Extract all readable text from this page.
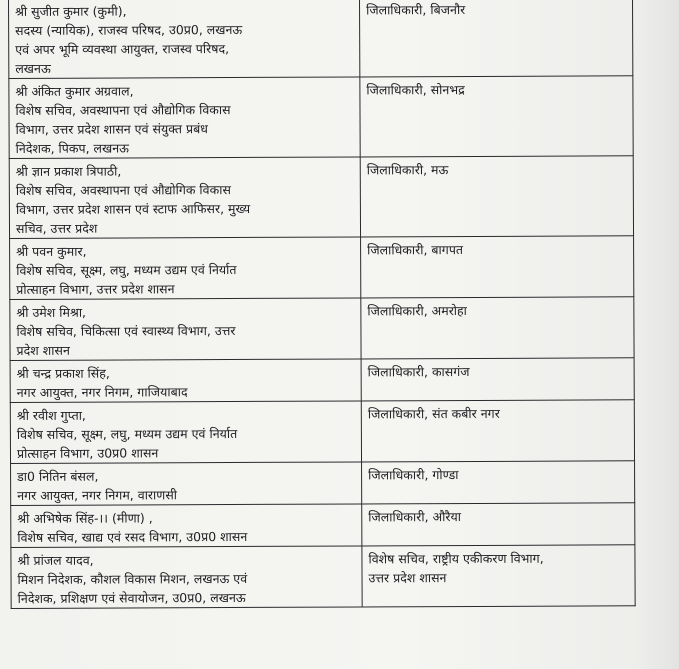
श्री सुजीत कुमार (कुमी),
सदस्य (न्यायिक), राजस्व परिषद, उ0प्र0, लखनऊ
एवं अपर भूमि व्यवस्था आयुक्त, राजस्व परिषद,
लखनऊ	जिलाधिकारी, बिजनौर

श्री अंकित कुमार अग्रवाल,
विशेष सचिव, अवस्थापना एवं औद्योगिक विकास
विभाग, उत्तर प्रदेश शासन एवं संयुक्त प्रबंध
निदेशक, पिकप, लखनऊ	जिलाधिकारी, सोनभद्र

श्री ज्ञान प्रकाश त्रिपाठी,
विशेष सचिव, अवस्थापना एवं औद्योगिक विकास
विभाग, उत्तर प्रदेश शासन एवं स्टाफ आफिसर, मुख्य
सचिव, उत्तर प्रदेश	जिलाधिकारी, मऊ

श्री पवन कुमार,
विशेष सचिव, सूक्ष्म, लघु, मध्यम उद्यम एवं निर्यात
प्रोत्साहन विभाग, उत्तर प्रदेश शासन	जिलाधिकारी, बागपत

श्री उमेश मिश्रा,
विशेष सचिव, चिकित्सा एवं स्वास्थ्य विभाग, उत्तर
प्रदेश शासन	जिलाधिकारी, अमरोहा

श्री चन्द्र प्रकाश सिंह,
नगर आयुक्त, नगर निगम, गाजियाबाद	जिलाधिकारी, कासगंज

श्री रवीश गुप्ता,
विशेष सचिव, सूक्ष्म, लघु, मध्यम उद्यम एवं निर्यात
प्रोत्साहन विभाग, उ0प्र0 शासन	जिलाधिकारी, संत कबीर नगर

डा0 नितिन बंसल,
नगर आयुक्त, नगर निगम, वाराणसी	जिलाधिकारी, गोण्डा

श्री अभिषेक सिंह-।। (मीणा) ,
विशेष सचिव, खाद्य एवं रसद विभाग, उ0प्र0 शासन	जिलाधिकारी, औरैया

श्री प्रांजल यादव,
मिशन निदेशक, कौशल विकास मिशन, लखनऊ एवं
निदेशक, प्रशिक्षण एवं सेवायोजन, उ0प्र0, लखनऊ	विशेष सचिव, राष्ट्रीय एकीकरण विभाग,
उत्तर प्रदेश शासन
